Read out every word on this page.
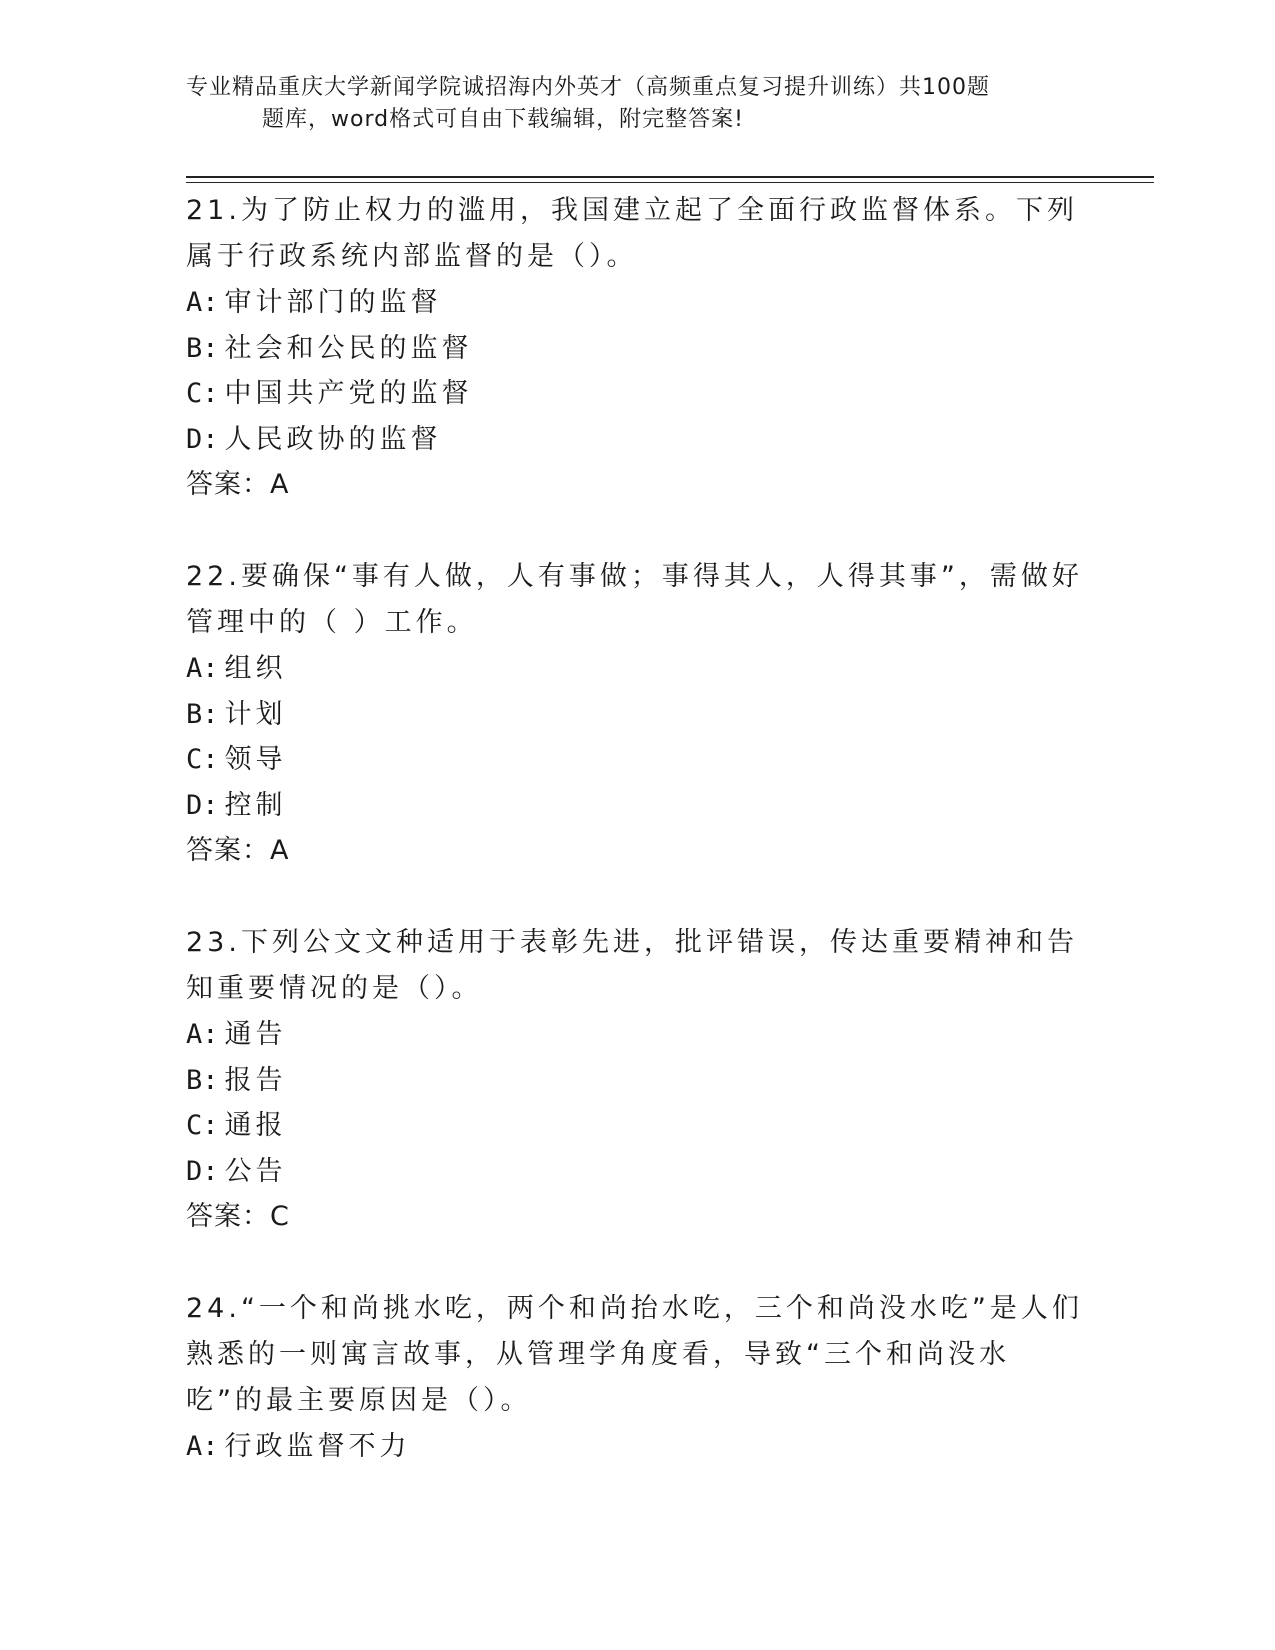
专业精品重庆大学新闻学院诚招海内外英才（高频重点复习提升训练）共100题
题库，word格式可自由下载编辑，附完整答案!
21.为了防止权力的滥用，我国建立起了全面行政监督体系。下列属于行政系统内部监督的是（）。
A: 审计部门的监督
B: 社会和公民的监督
C: 中国共产党的监督
D: 人民政协的监督
答案：A
22.要确保“事有人做，人有事做；事得其人，人得其事”，需做好管理中的（ ）工作。
A: 组织
B: 计划
C: 领导
D: 控制
答案：A
23.下列公文文种适用于表彰先进，批评错误，传达重要精神和告知重要情况的是（）。
A: 通告
B: 报告
C: 通报
D: 公告
答案：C
24.“一个和尚挑水吃，两个和尚抬水吃，三个和尚没水吃”是人们熟悉的一则寓言故事，从管理学角度看，导致“三个和尚没水吃”的最主要原因是（）。
A: 行政监督不力
